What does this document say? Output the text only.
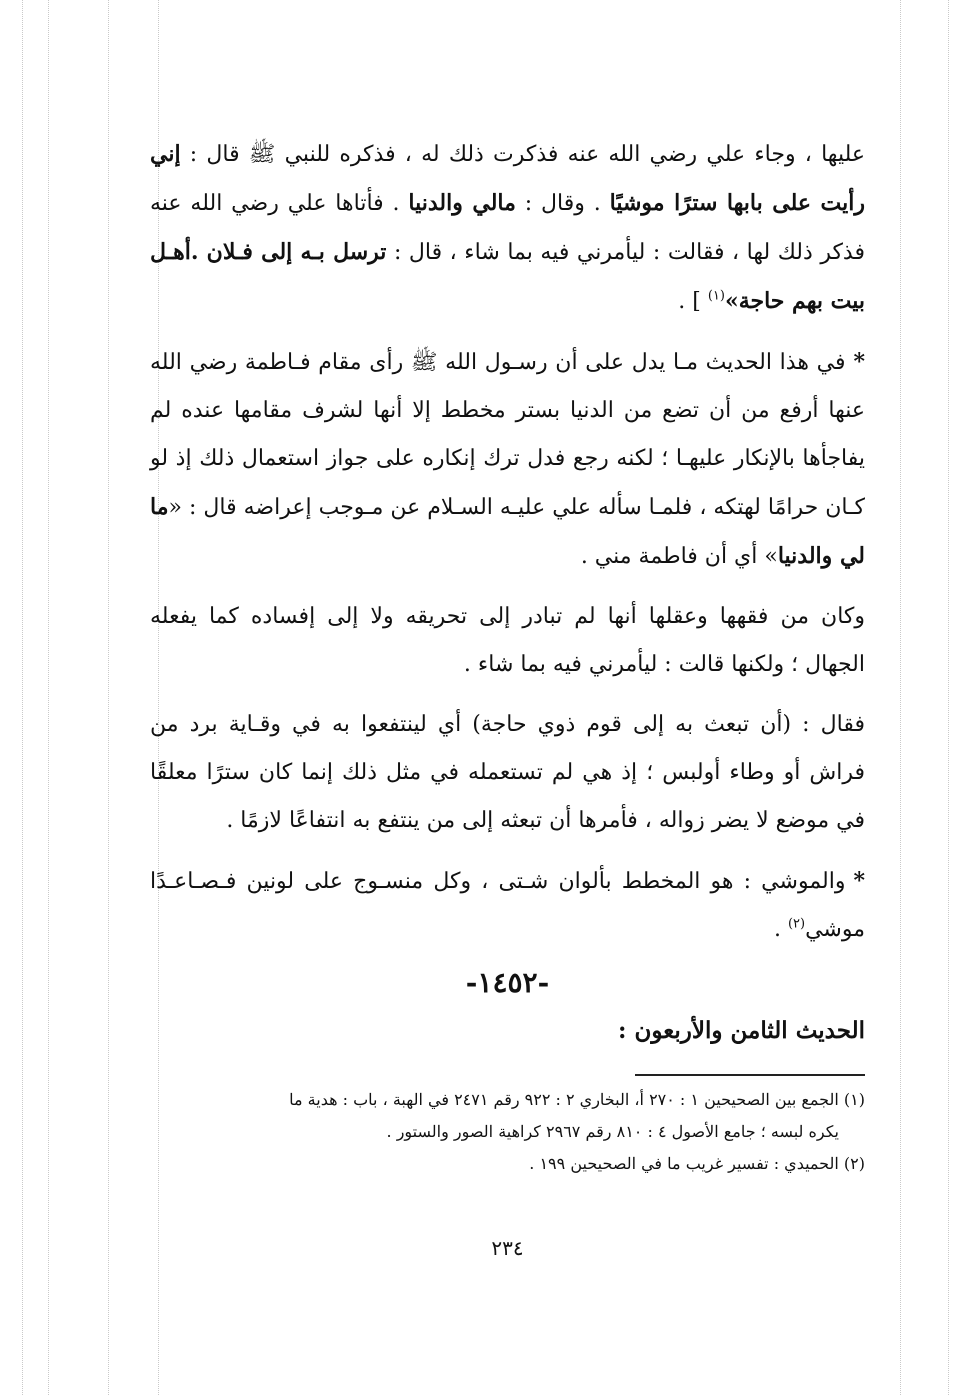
عليها ، وجاء علي رضي الله عنه فذكرت ذلك له ، فذكره للنبي ﷺ قال : إني رأيت على بابها سترًا موشيًا . وقال : مالي والدنيا . فأتاها علي رضي الله عنه فذكر ذلك لها ، فقالت : ليأمرني فيه بما شاء ، قال : ترسل بـه إلى فـلان .أهـل بيت بهم حاجة»$^{(١)}$ ] .

*في هذا الحديث مـا يدل على أن رسـول الله ﷺ رأى مقام فـاطمة رضي الله عنها أرفع من أن تضع من الدنيا بستر مخطط إلا أنها لشرف مقامها عنده لم يفاجأها بالإنكار عليهـا ؛ لكنه رجع فدل ترك إنكاره على جواز استعمال ذلك إذ لو كـان حرامًا لهتكه ، فلمـا سأله علي عليـه السـلام عن مـوجب إعراضه قال : «ما لي والدنيا» أي أن فاطمة مني .

وكان من فقهها وعقلها أنها لم تبادر إلى تحريقه ولا إلى إفساده كما يفعله الجهال ؛ ولكنها قالت : ليأمرني فيه بما شاء .

فقال : (أن تبعث به إلى قوم ذوي حاجة) أي لينتفعوا به في وقـاية برد من فراش أو وطاء أولبس ؛ إذ هي لم تستعمله في مثل ذلك إنما كان سترًا معلقًا في موضع لا يضر زواله ، فأمرها أن تبعثه إلى من ينتفع به انتفاعًا لازمًا .

*والموشي : هو المخطط بألوان شـتى ، وكل منسـوج على لونين فـصـاعـدًا موشي$^{(٢)}$ .

-١٤٥٢-
الحديث الثامن والأربعون :

(١) الجمع بين الصحيحين ١ : ٢٧٠ أ، البخاري ٢ : ٩٢٢ رقم ٢٤٧١ في الهبة ، باب : هدية ما

يكره لبسه ؛ جامع الأصول ٤ : ٨١٠ رقم ٢٩٦٧ كراهية الصور والستور .

(٢) الحميدي : تفسير غريب ما في الصحيحين ١٩٩ .

٢٣٤
